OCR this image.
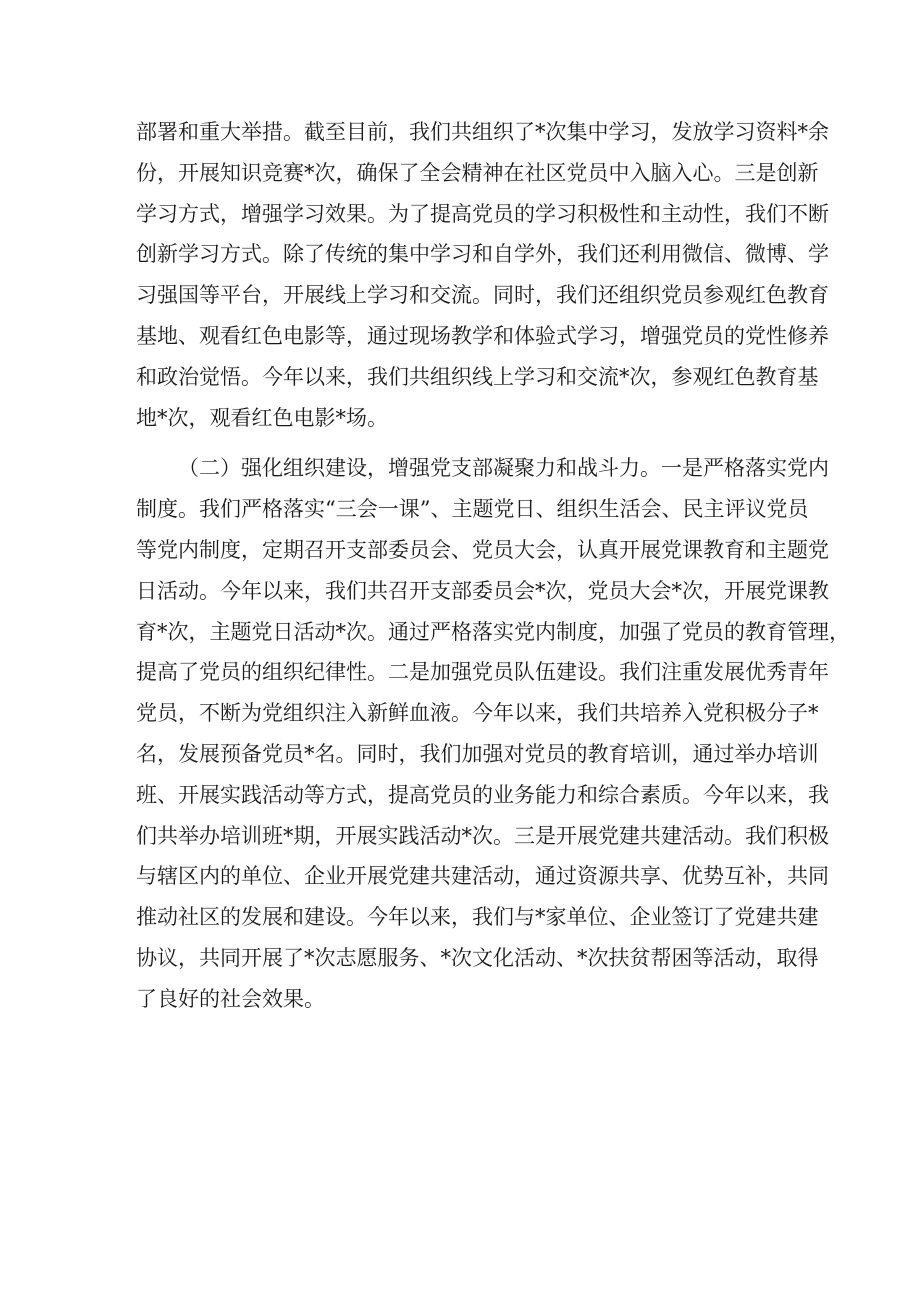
部署和重大举措。截至目前，我们共组织了*次集中学习，发放学习资料*余
份，开展知识竞赛*次，确保了全会精神在社区党员中入脑入心。三是创新
学习方式，增强学习效果。为了提高党员的学习积极性和主动性，我们不断
创新学习方式。除了传统的集中学习和自学外，我们还利用微信、微博、学
习强国等平台，开展线上学习和交流。同时，我们还组织党员参观红色教育
基地、观看红色电影等，通过现场教学和体验式学习，增强党员的党性修养
和政治觉悟。今年以来，我们共组织线上学习和交流*次，参观红色教育基
地*次，观看红色电影*场。
（二）强化组织建设，增强党支部凝聚力和战斗力。一是严格落实党内
制度。我们严格落实“三会一课”、主题党日、组织生活会、民主评议党员
等党内制度，定期召开支部委员会、党员大会，认真开展党课教育和主题党
日活动。今年以来，我们共召开支部委员会*次，党员大会*次，开展党课教
育*次，主题党日活动*次。通过严格落实党内制度，加强了党员的教育管理，
提高了党员的组织纪律性。二是加强党员队伍建设。我们注重发展优秀青年
党员，不断为党组织注入新鲜血液。今年以来，我们共培养入党积极分子*
名，发展预备党员*名。同时，我们加强对党员的教育培训，通过举办培训
班、开展实践活动等方式，提高党员的业务能力和综合素质。今年以来，我
们共举办培训班*期，开展实践活动*次。三是开展党建共建活动。我们积极
与辖区内的单位、企业开展党建共建活动，通过资源共享、优势互补，共同
推动社区的发展和建设。今年以来，我们与*家单位、企业签订了党建共建
协议，共同开展了*次志愿服务、*次文化活动、*次扶贫帮困等活动，取得
了良好的社会效果。
